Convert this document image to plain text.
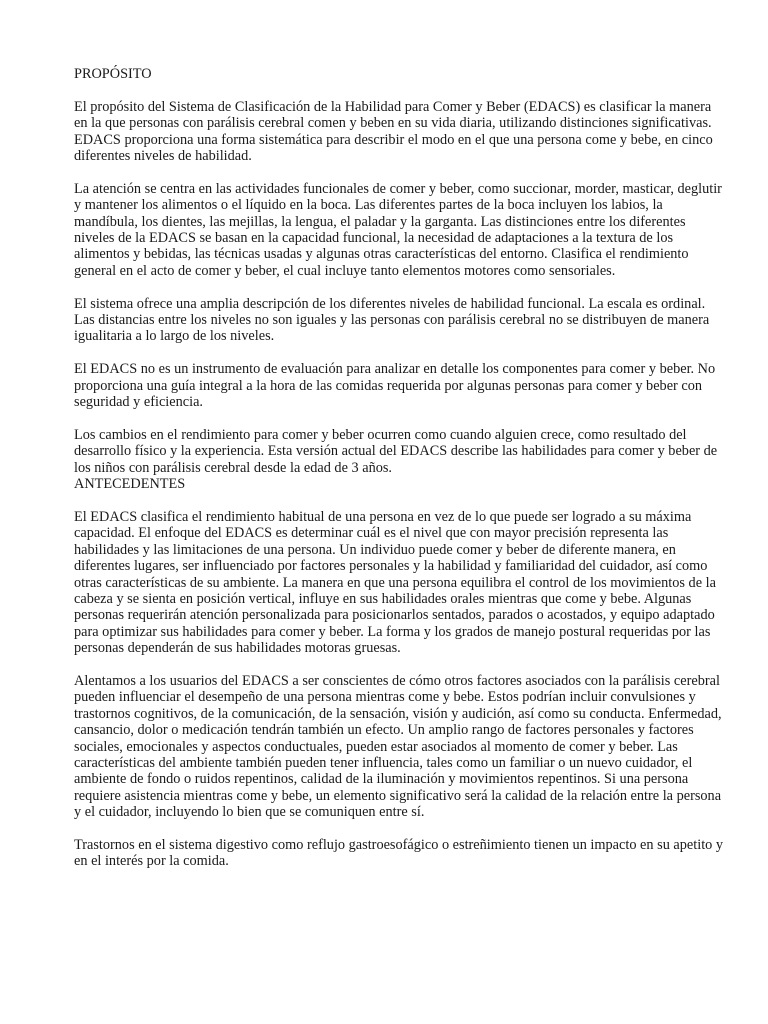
PROPÓSITO

El propósito del Sistema de Clasificación de la Habilidad para Comer y Beber (EDACS) es clasificar la manera en la que personas con parálisis cerebral comen y beben en su vida diaria, utilizando distinciones significativas. EDACS proporciona una forma sistemática para describir el modo en el que una persona come y bebe, en cinco diferentes niveles de habilidad.

La atención se centra en las actividades funcionales de comer y beber, como succionar, morder, masticar, deglutir y mantener los alimentos o el líquido en la boca. Las diferentes partes de la boca incluyen los labios, la mandíbula, los dientes, las mejillas, la lengua, el paladar y la garganta. Las distinciones entre los diferentes niveles de la EDACS se basan en la capacidad funcional, la necesidad de adaptaciones a la textura de los alimentos y bebidas, las técnicas usadas y algunas otras características del entorno. Clasifica el rendimiento general en el acto de comer y beber, el cual incluye tanto elementos motores como sensoriales.

El sistema ofrece una amplia descripción de los diferentes niveles de habilidad funcional. La escala es ordinal. Las distancias entre los niveles no son iguales y las personas con parálisis cerebral no se distribuyen de manera igualitaria a lo largo de los niveles.

El EDACS no es un instrumento de evaluación para analizar en detalle los componentes para comer y beber. No proporciona una guía integral a la hora de las comidas requerida por algunas personas para comer y beber con seguridad y eficiencia.

Los cambios en el rendimiento para comer y beber ocurren como cuando alguien crece, como resultado del desarrollo físico y la experiencia. Esta versión actual del EDACS describe las habilidades para comer y beber de los niños con parálisis cerebral desde la edad de 3 años.

ANTECEDENTES

El EDACS clasifica el rendimiento habitual de una persona en vez de lo que puede ser logrado a su máxima capacidad. El enfoque del EDACS es determinar cuál es el nivel que con mayor precisión representa las habilidades y las limitaciones de una persona. Un individuo puede comer y beber de diferente manera, en diferentes lugares, ser influenciado por factores personales y la habilidad y familiaridad del cuidador, así como otras características de su ambiente. La manera en que una persona equilibra el control de los movimientos de la cabeza y se sienta en posición vertical, influye en sus habilidades orales mientras que come y bebe. Algunas personas requerirán atención personalizada para posicionarlos sentados, parados o acostados, y equipo adaptado para optimizar sus habilidades para comer y beber. La forma y los grados de manejo postural requeridas por las personas dependerán de sus habilidades motoras gruesas.

Alentamos a los usuarios del EDACS a ser conscientes de cómo otros factores asociados con la parálisis cerebral pueden influenciar el desempeño de una persona mientras come y bebe. Estos podrían incluir convulsiones y trastornos cognitivos, de la comunicación, de la sensación, visión y audición, así como su conducta. Enfermedad, cansancio, dolor o medicación tendrán también un efecto. Un amplio rango de factores personales y factores sociales, emocionales y aspectos conductuales, pueden estar asociados al momento de comer y beber. Las características del ambiente también pueden tener influencia, tales como un familiar o un nuevo cuidador, el ambiente de fondo o ruidos repentinos, calidad de la iluminación y movimientos repentinos. Si una persona requiere asistencia mientras come y bebe, un elemento significativo será la calidad de la relación entre la persona y el cuidador, incluyendo lo bien que se comuniquen entre sí.

Trastornos en el sistema digestivo como reflujo gastroesofágico o estreñimiento tienen un impacto en su apetito y en el interés por la comida.
